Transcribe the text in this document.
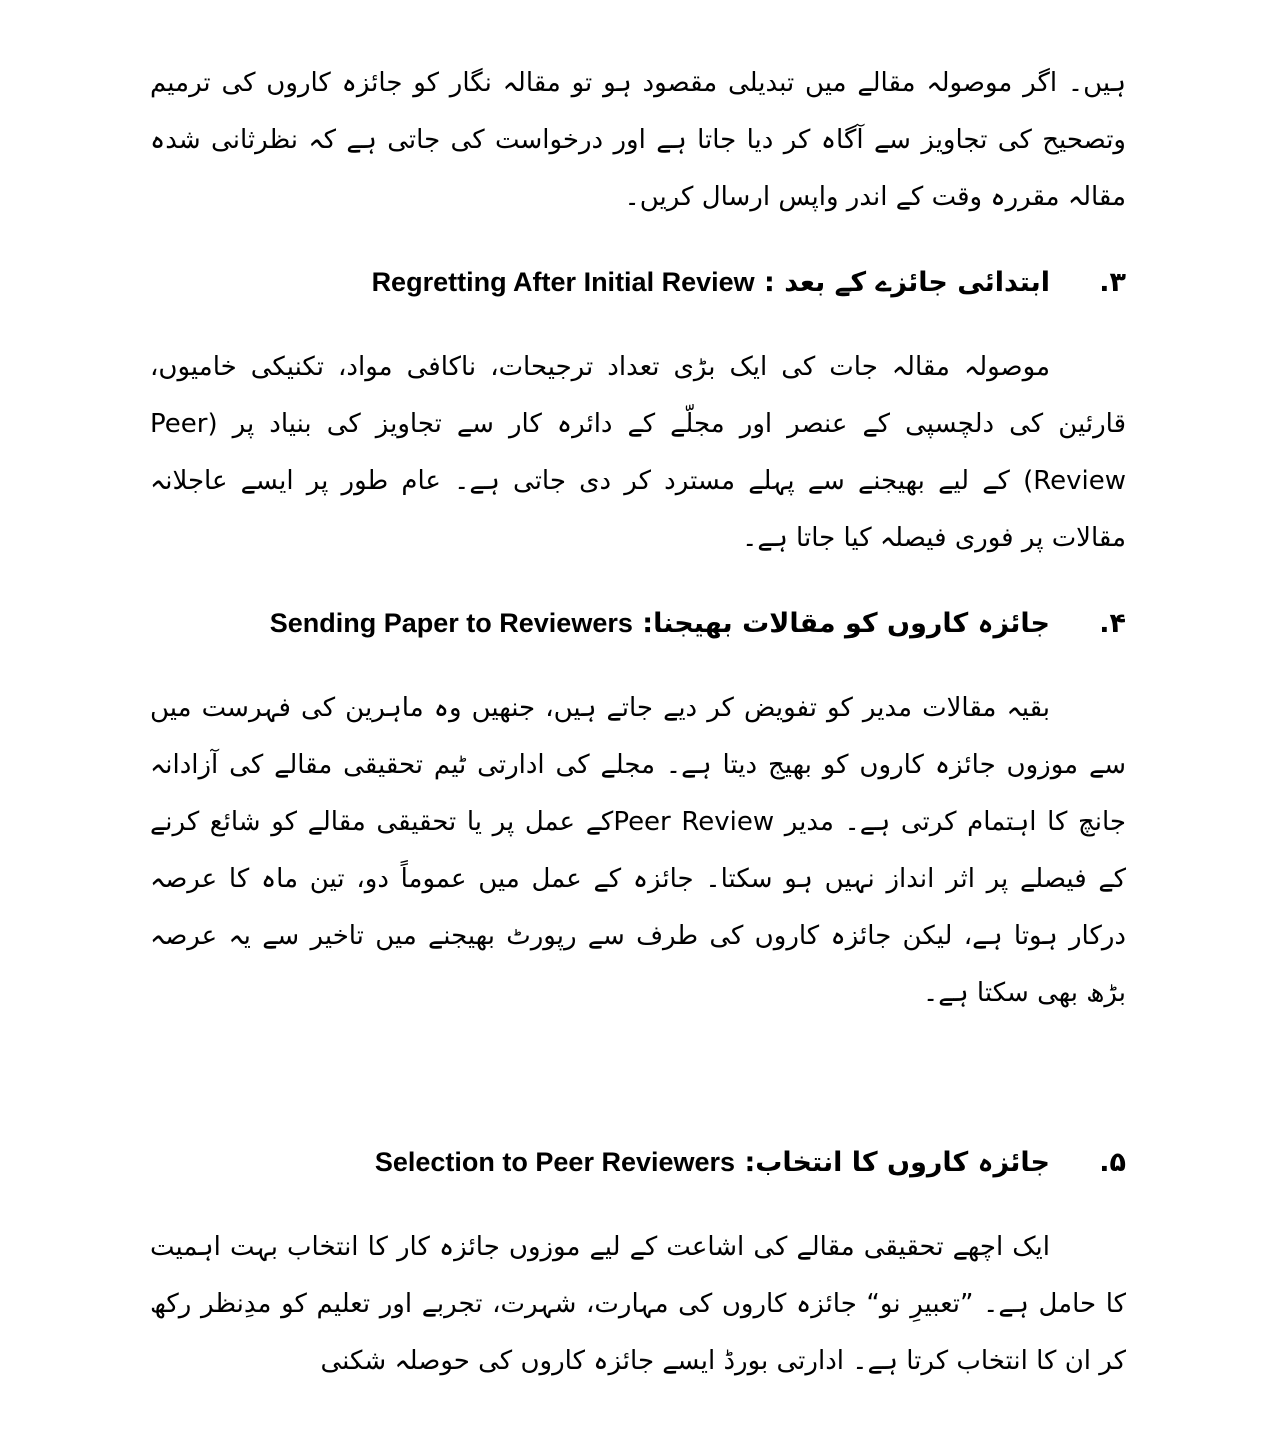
ہیں۔ اگر موصولہ مقالے میں تبدیلی مقصود ہو تو مقالہ نگار کو جائزہ کاروں کی ترمیم وتصحیح کی تجاویز سے آگاہ کر دیا جاتا ہے اور درخواست کی جاتی ہے کہ نظرثانی شدہ مقالہ مقررہ وقت کے اندر واپس ارسال کریں۔

۳.ابتدائی جائزے کے بعد : Regretting After Initial Review

موصولہ مقالہ جات کی ایک بڑی تعداد ترجیحات، ناکافی مواد، تکنیکی خامیوں، قارئین کی دلچسپی کے عنصر اور مجلّے کے دائرہ کار سے تجاویز کی بنیاد پر (Peer Review) کے لیے بھیجنے سے پہلے مسترد کر دی جاتی ہے۔ عام طور پر ایسے عاجلانہ مقالات پر فوری فیصلہ کیا جاتا ہے۔

۴.جائزہ کاروں کو مقالات بھیجنا: Sending Paper to Reviewers

بقیہ مقالات مدیر کو تفویض کر دیے جاتے ہیں، جنھیں وہ ماہرین کی فہرست میں سے موزوں جائزہ کاروں کو بھیج دیتا ہے۔ مجلے کی ادارتی ٹیم تحقیقی مقالے کی آزادانہ جانچ کا اہتمام کرتی ہے۔ مدیر Peer Reviewکے عمل پر یا تحقیقی مقالے کو شائع کرنے کے فیصلے پر اثر انداز نہیں ہو سکتا۔ جائزہ کے عمل میں عموماً دو، تین ماہ کا عرصہ درکار ہوتا ہے، لیکن جائزہ کاروں کی طرف سے رپورٹ بھیجنے میں تاخیر سے یہ عرصہ بڑھ بھی سکتا ہے۔

۵.جائزہ کاروں کا انتخاب: Selection to Peer Reviewers

ایک اچھے تحقیقی مقالے کی اشاعت کے لیے موزوں جائزہ کار کا انتخاب بہت اہمیت کا حامل ہے۔ ”تعبیرِ نو“ جائزہ کاروں کی مہارت، شہرت، تجربے اور تعلیم کو مدِنظر رکھ کر ان کا انتخاب کرتا ہے۔ ادارتی بورڈ ایسے جائزہ کاروں کی حوصلہ شکنی
